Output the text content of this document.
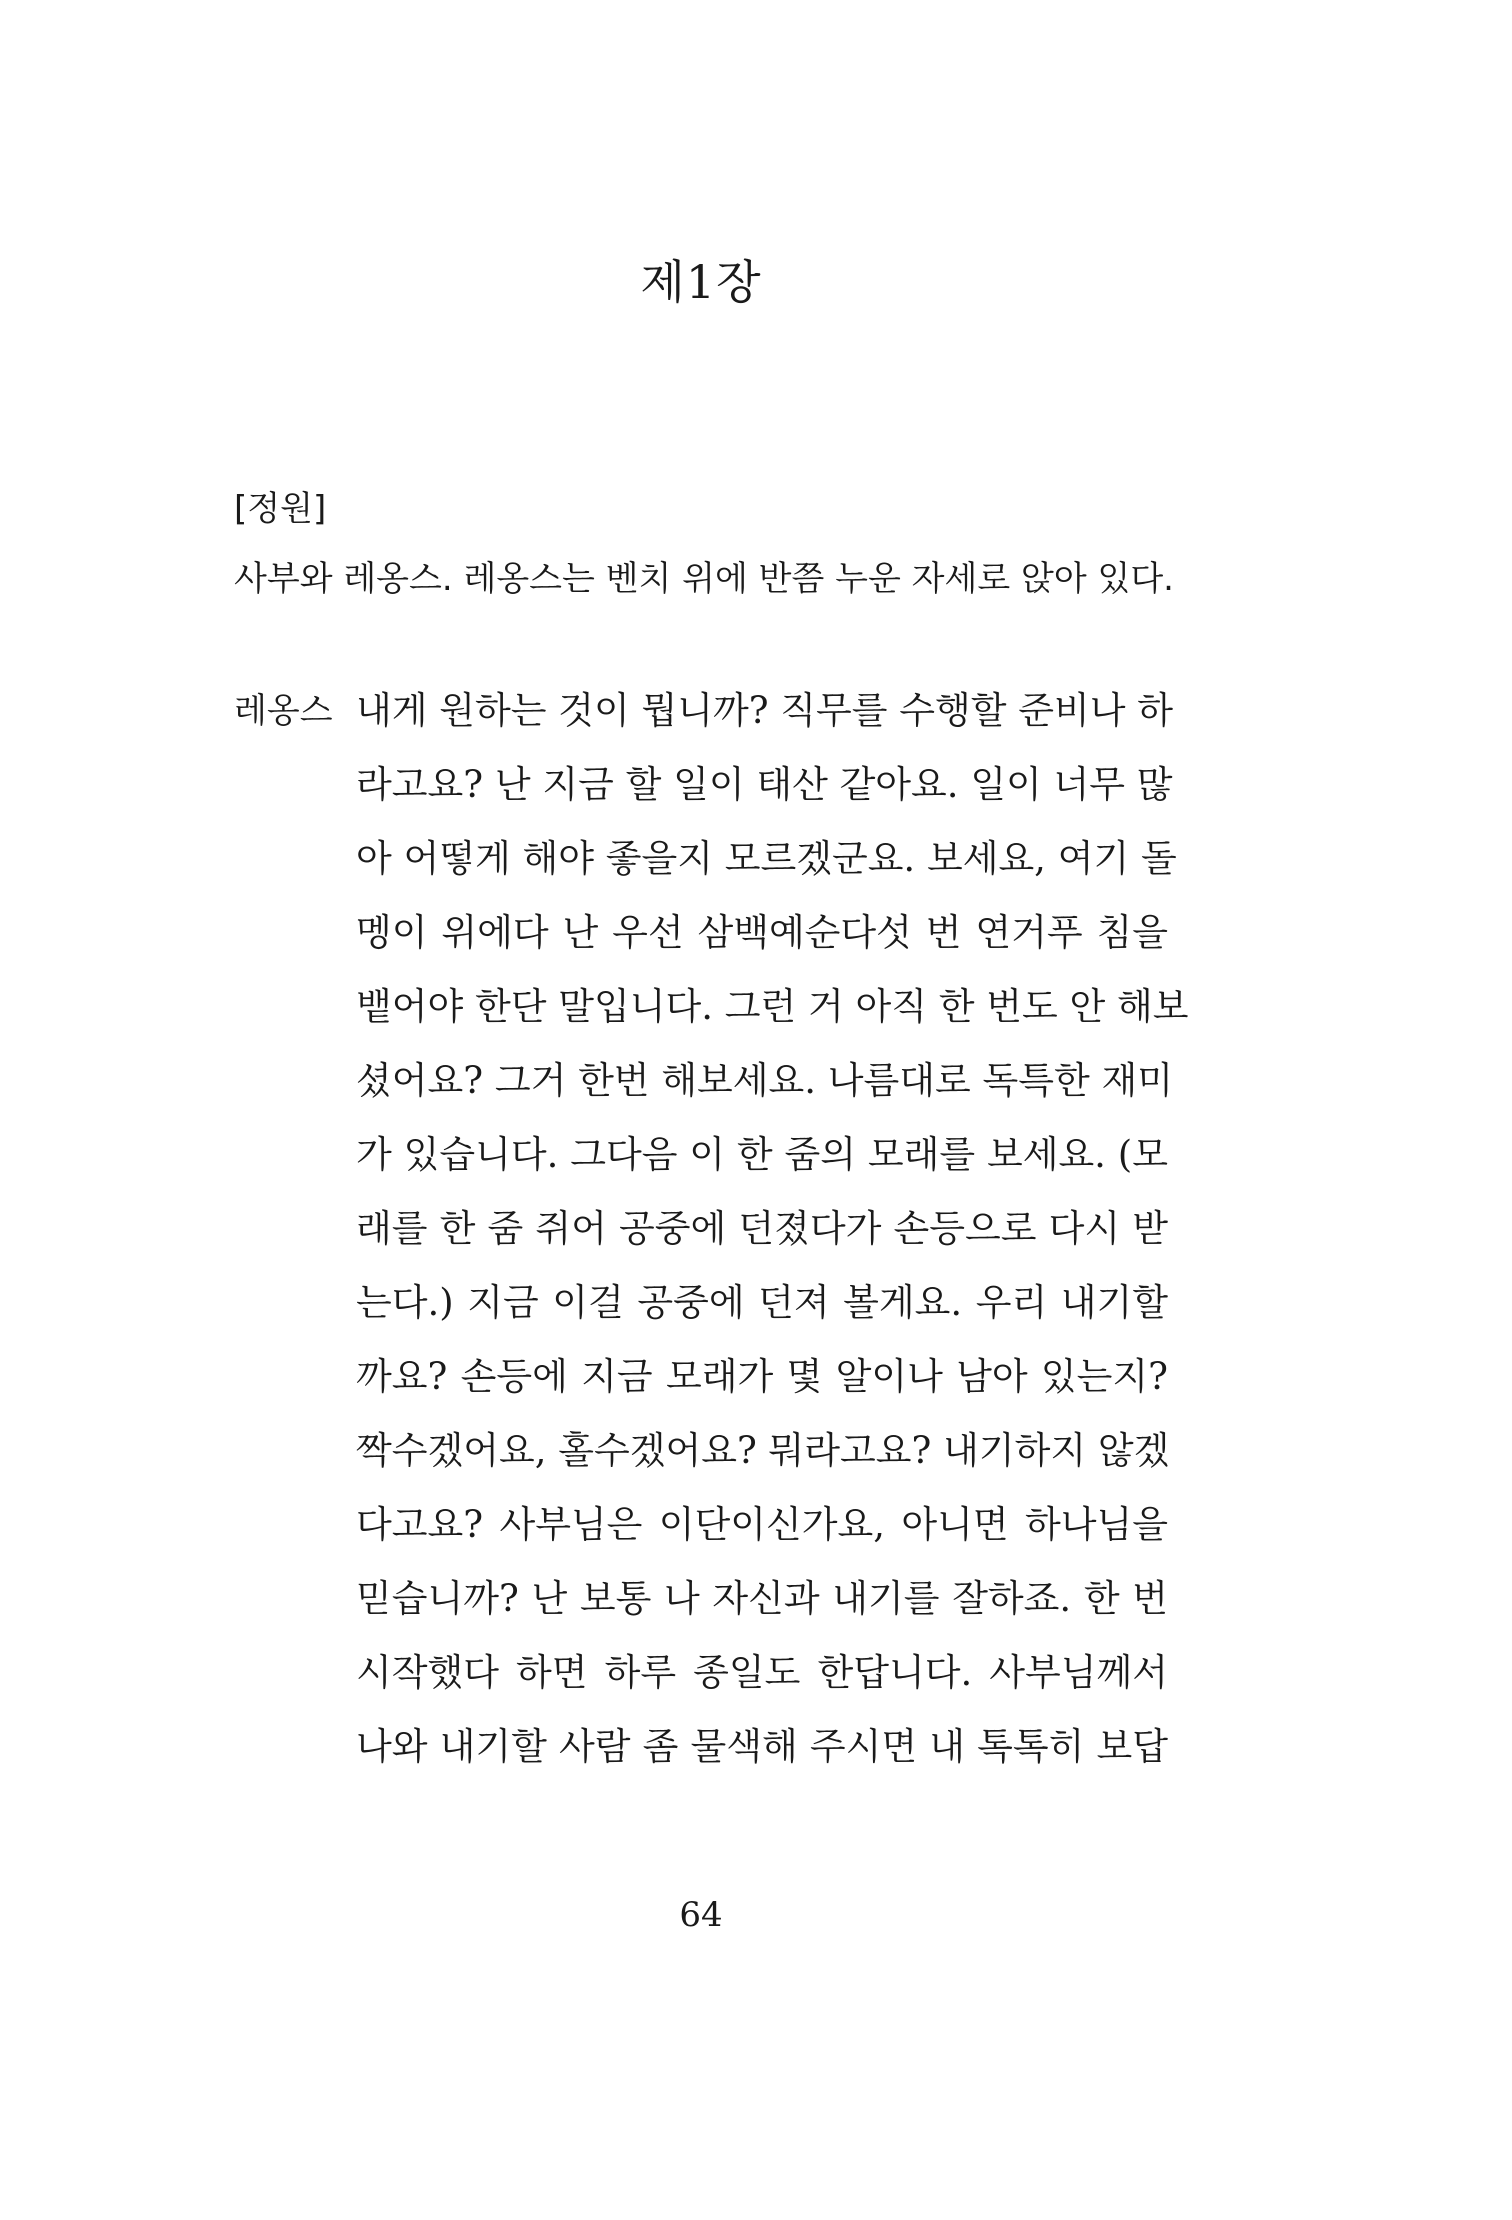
제1장
[정원]
사부와 레옹스. 레옹스는 벤치 위에 반쯤 누운 자세로 앉아 있다.
레옹스 내게 원하는 것이 뭡니까? 직무를 수행할 준비나 하
라고요? 난 지금 할 일이 태산 같아요. 일이 너무 많
아 어떻게 해야 좋을지 모르겠군요. 보세요, 여기 돌
멩이 위에다 난 우선 삼백예순다섯 번 연거푸 침을
뱉어야 한단 말입니다. 그런 거 아직 한 번도 안 해보
셨어요? 그거 한번 해보세요. 나름대로 독특한 재미
가 있습니다. 그다음 이 한 줌의 모래를 보세요. (모
래를 한 줌 쥐어 공중에 던졌다가 손등으로 다시 받
는다.) 지금 이걸 공중에 던져 볼게요. 우리 내기할
까요? 손등에 지금 모래가 몇 알이나 남아 있는지?
짝수겠어요, 홀수겠어요? 뭐라고요? 내기하지 않겠
다고요? 사부님은 이단이신가요, 아니면 하나님을
믿습니까? 난 보통 나 자신과 내기를 잘하죠. 한 번
시작했다 하면 하루 종일도 한답니다. 사부님께서
나와 내기할 사람 좀 물색해 주시면 내 톡톡히 보답
64
